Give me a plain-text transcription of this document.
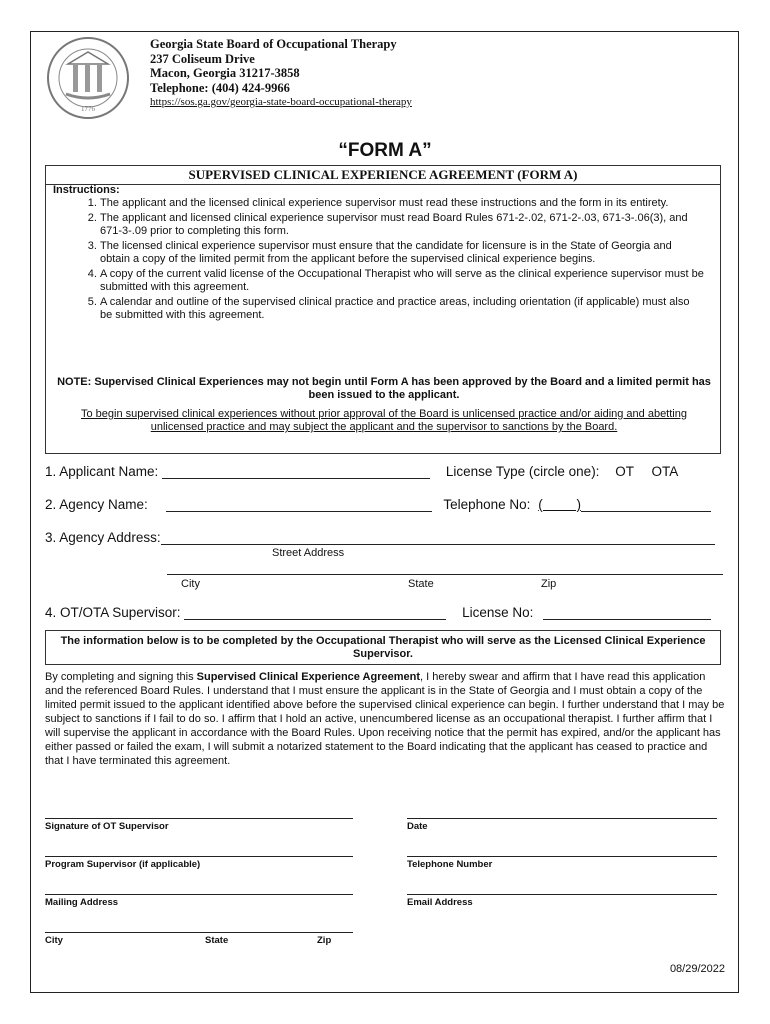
1776
Georgia State Board of Occupational Therapy
237 Coliseum Drive
Macon, Georgia 31217-3858
Telephone: (404) 424-9966
https://sos.ga.gov/georgia-state-board-occupational-therapy
“FORM A”
SUPERVISED CLINICAL EXPERIENCE AGREEMENT (FORM A)
Instructions:
1. The applicant and the licensed clinical experience supervisor must read these instructions and the form in its entirety.
2. The applicant and licensed clinical experience supervisor must read Board Rules 671-2-.02, 671-2-.03, 671-3-.06(3), and 671-3-.09 prior to completing this form.
3. The licensed clinical experience supervisor must ensure that the candidate for licensure is in the State of Georgia and obtain a copy of the limited permit from the applicant before the supervised clinical experience begins.
4. A copy of the current valid license of the Occupational Therapist who will serve as the clinical experience supervisor must be submitted with this agreement.
5. A calendar and outline of the supervised clinical practice and practice areas, including orientation (if applicable) must also be submitted with this agreement.
NOTE: Supervised Clinical Experiences may not begin until Form A has been approved by the Board and a limited permit has been issued to the applicant.
To begin supervised clinical experiences without prior approval of the Board is unlicensed practice and/or aiding and abetting unlicensed practice and may subject the applicant and the supervisor to sanctions by the Board.
1. Applicant Name:	License Type (circle one): OT OTA
2. Agency Name:	Telephone No: (         )
3. Agency Address:
Street Address
City	State	Zip
4. OT/OTA Supervisor:	License No:
The information below is to be completed by the Occupational Therapist who will serve as the Licensed Clinical Experience Supervisor.
By completing and signing this Supervised Clinical Experience Agreement, I hereby swear and affirm that I have read this application and the referenced Board Rules. I understand that I must ensure the applicant is in the State of Georgia and I must obtain a copy of the limited permit issued to the applicant identified above before the supervised clinical experience can begin. I further understand that I may be subject to sanctions if I fail to do so. I affirm that I hold an active, unencumbered license as an occupational therapist. I further affirm that I will supervise the applicant in accordance with the Board Rules. Upon receiving notice that the permit has expired, and/or the applicant has either passed or failed the exam, I will submit a notarized statement to the Board indicating that the applicant has ceased to practice and that I have terminated this agreement.
Signature of OT Supervisor	Date
Program Supervisor (if applicable)	Telephone Number
Mailing Address	Email Address
City	State	Zip

08/29/2022
